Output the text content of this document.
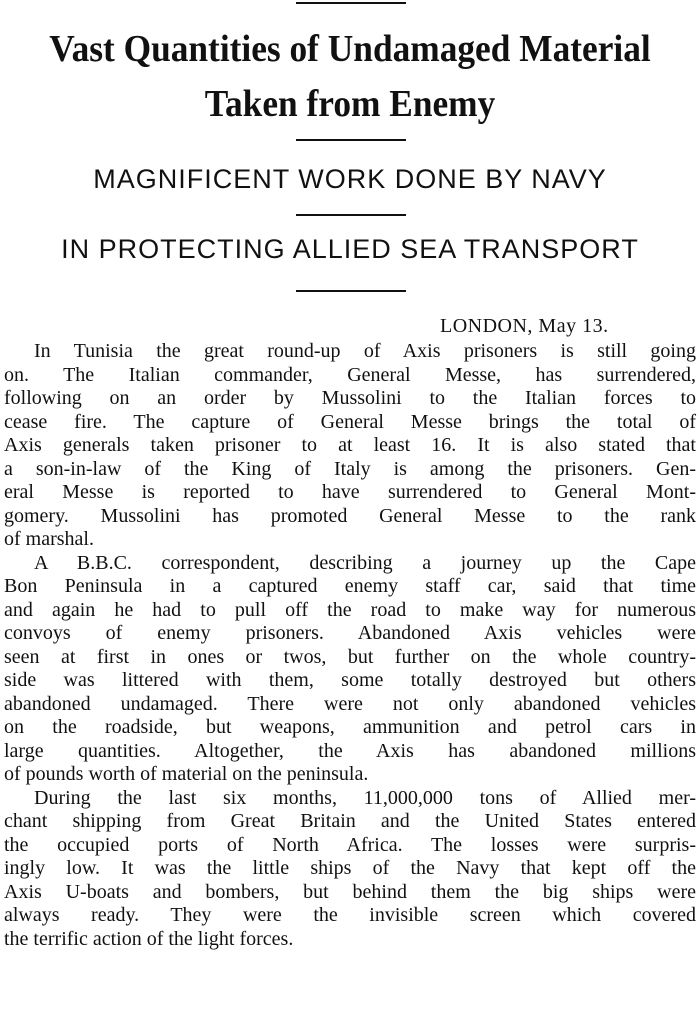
Vast Quantities of Undamaged Material
Taken from Enemy
MAGNIFICENT WORK DONE BY NAVY
IN PROTECTING ALLIED SEA TRANSPORT
LONDON, May 13.
In Tunisia the great round-up of Axis prisoners is still going
on. The Italian commander, General Messe, has surrendered,
following on an order by Mussolini to the Italian forces to
cease fire. The capture of General Messe brings the total of
Axis generals taken prisoner to at least 16. It is also stated that
a son-in-law of the King of Italy is among the prisoners. Gen-
eral Messe is reported to have surrendered to General Mont-
gomery. Mussolini has promoted General Messe to the rank
of marshal.
A B.B.C. correspondent, describing a journey up the Cape
Bon Peninsula in a captured enemy staff car, said that time
and again he had to pull off the road to make way for numerous
convoys of enemy prisoners. Abandoned Axis vehicles were
seen at first in ones or twos, but further on the whole country-
side was littered with them, some totally destroyed but others
abandoned undamaged. There were not only abandoned vehicles
on the roadside, but weapons, ammunition and petrol cars in
large quantities. Altogether, the Axis has abandoned millions
of pounds worth of material on the peninsula.
During the last six months, 11,000,000 tons of Allied mer-
chant shipping from Great Britain and the United States entered
the occupied ports of North Africa. The losses were surpris-
ingly low. It was the little ships of the Navy that kept off the
Axis U-boats and bombers, but behind them the big ships were
always ready. They were the invisible screen which covered
the terrific action of the light forces.
